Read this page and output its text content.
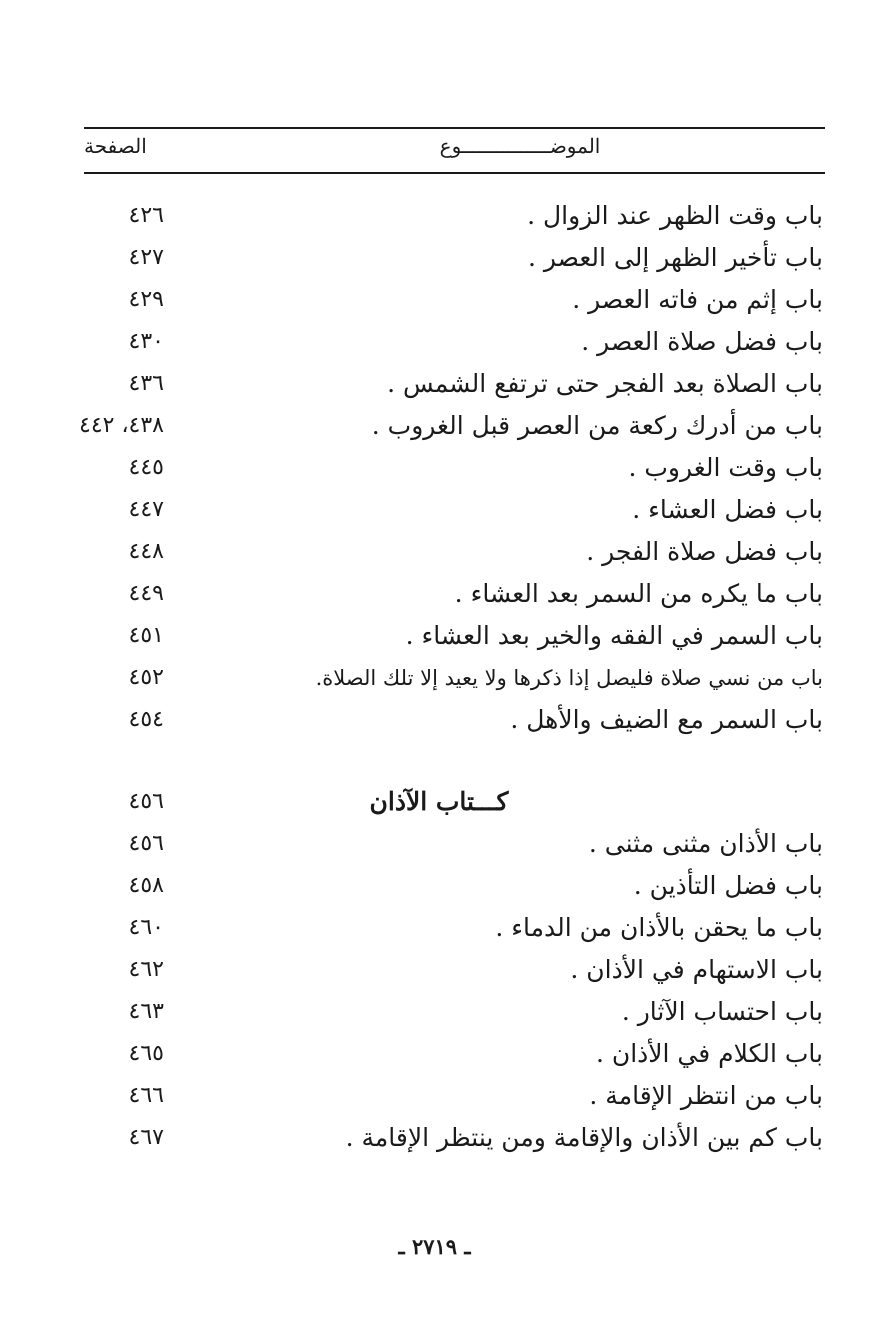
الموضـــــــــــــــوع
الصفحة
باب وقت الظهر عند الزوال .
٤٢٦
باب تأخير الظهر إلى العصر .
٤٢٧
باب إثم من فاته العصر .
٤٢٩
باب فضل صلاة العصر .
٤٣٠
باب الصلاة بعد الفجر حتى ترتفع الشمس .
٤٣٦
باب من أدرك ركعة من العصر قبل الغروب .
٤٣٨، ٤٤٢
باب وقت الغروب .
٤٤٥
باب فضل العشاء .
٤٤٧
باب فضل صلاة الفجر .
٤٤٨
باب ما يكره من السمر بعد العشاء .
٤٤٩
باب السمر في الفقه والخير بعد العشاء .
٤٥١
باب من نسي صلاة فليصل إذا ذكرها ولا يعيد إلا تلك الصلاة.
٤٥٢
باب السمر مع الضيف والأهل .
٤٥٤
كـــتاب الآذان
٤٥٦
باب الأذان مثنى مثنى .
٤٥٦
باب فضل التأذين .
٤٥٨
باب ما يحقن بالأذان من الدماء .
٤٦٠
باب الاستهام في الأذان .
٤٦٢
باب احتساب الآثار .
٤٦٣
باب الكلام في الأذان .
٤٦٥
باب من انتظر الإقامة .
٤٦٦
باب كم بين الأذان والإقامة ومن ينتظر الإقامة .
٤٦٧
ـ ٢٧١٩ ـ
